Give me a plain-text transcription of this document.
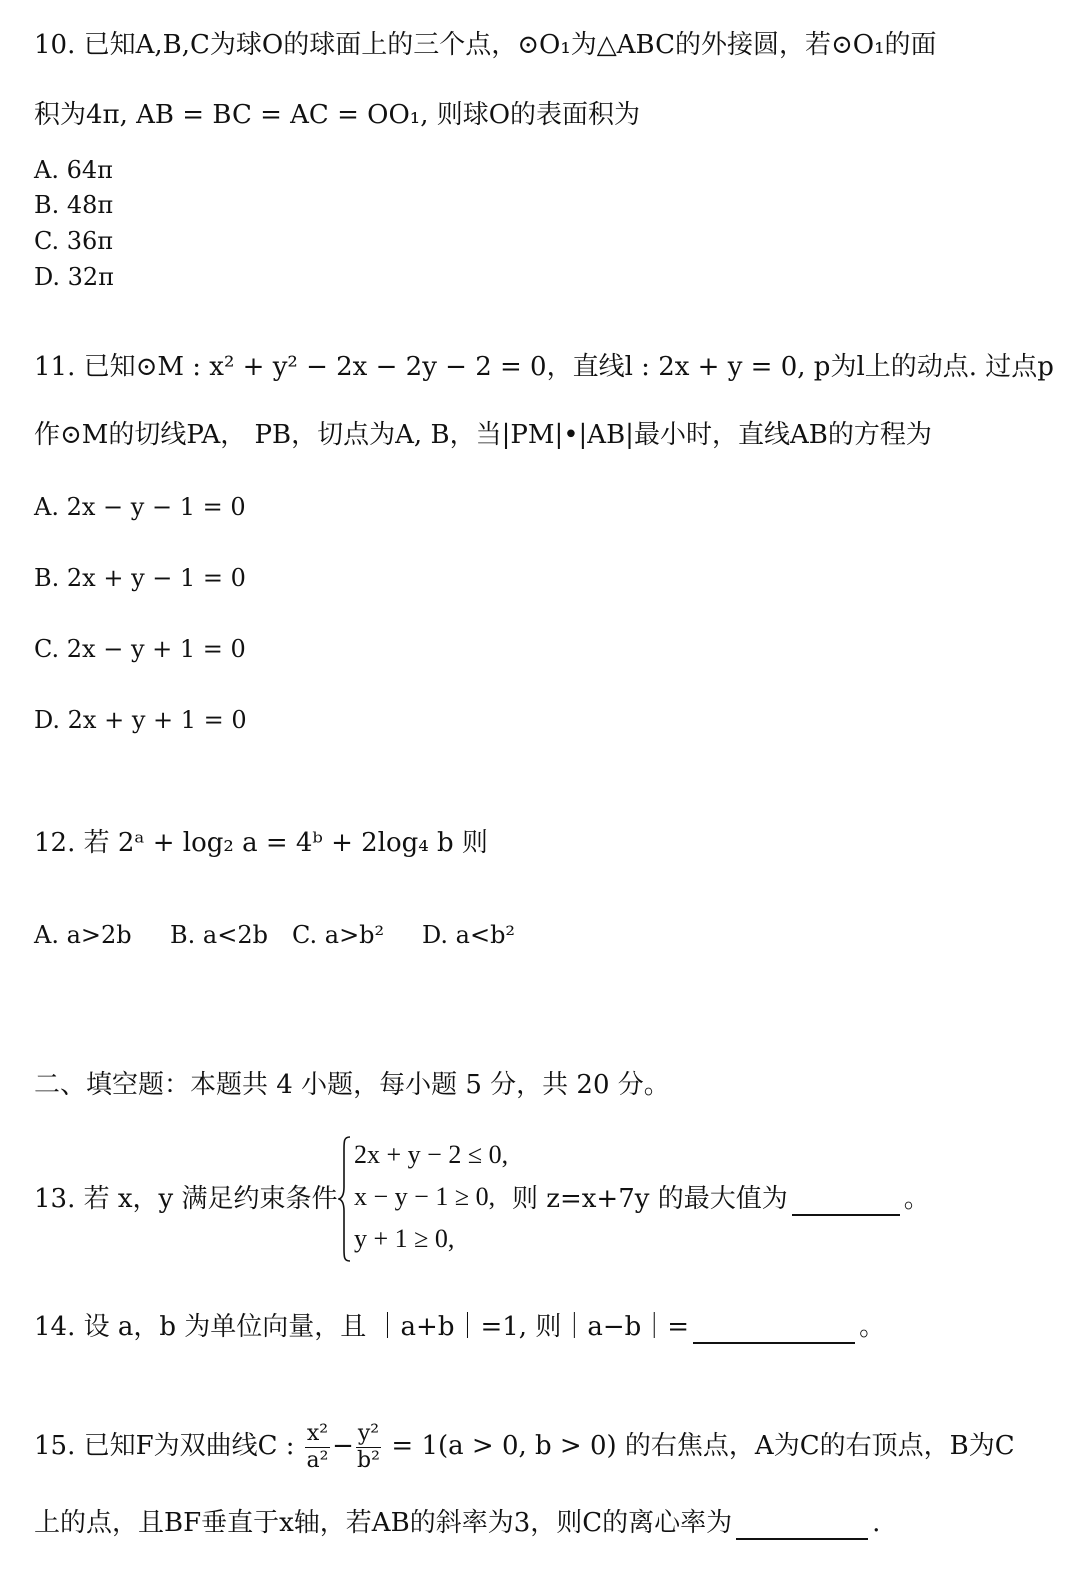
10. 已知A,B,C为球O的球面上的三个点，⊙O₁为△ABC的外接圆，若⊙O₁的面
积为4π, AB = BC = AC = OO₁, 则球O的表面积为
A. 64π
B. 48π
C. 36π
D. 32π
11. 已知⊙M : x² + y² − 2x − 2y − 2 = 0，直线l : 2x + y = 0, p为l上的动点. 过点p
作⊙M的切线PA， PB，切点为A, B，当|PM|•|AB|最小时，直线AB的方程为
A. 2x − y − 1 = 0
B. 2x + y − 1 = 0
C. 2x − y + 1 = 0
D. 2x + y + 1 = 0
12. 若 2ᵃ + log₂ a = 4ᵇ + 2log₄ b 则
A. a>2b B. a<2b C. a>b² D. a<b²
二、填空题：本题共 4 小题，每小题 5 分，共 20 分。
13. 若 x，y 满足约束条件
2x + y − 2 ≤ 0,
x − y − 1 ≥ 0,
y + 1 ≥ 0,
则 z=x+7y 的最大值为	。
14. 设 a，b 为单位向量，且 ｜a+b｜=1, 则｜a−b｜=	。
15. 已知F为双曲线C : $\frac{\text{x²}}{\text{a²}} - \frac{\text{y²}}{\text{b²}} = 1(a > 0$, b > 0) 的右焦点，A为C的右顶点，B为C
上的点，且BF垂直于x轴，若AB的斜率为3，则C的离心率为	.
